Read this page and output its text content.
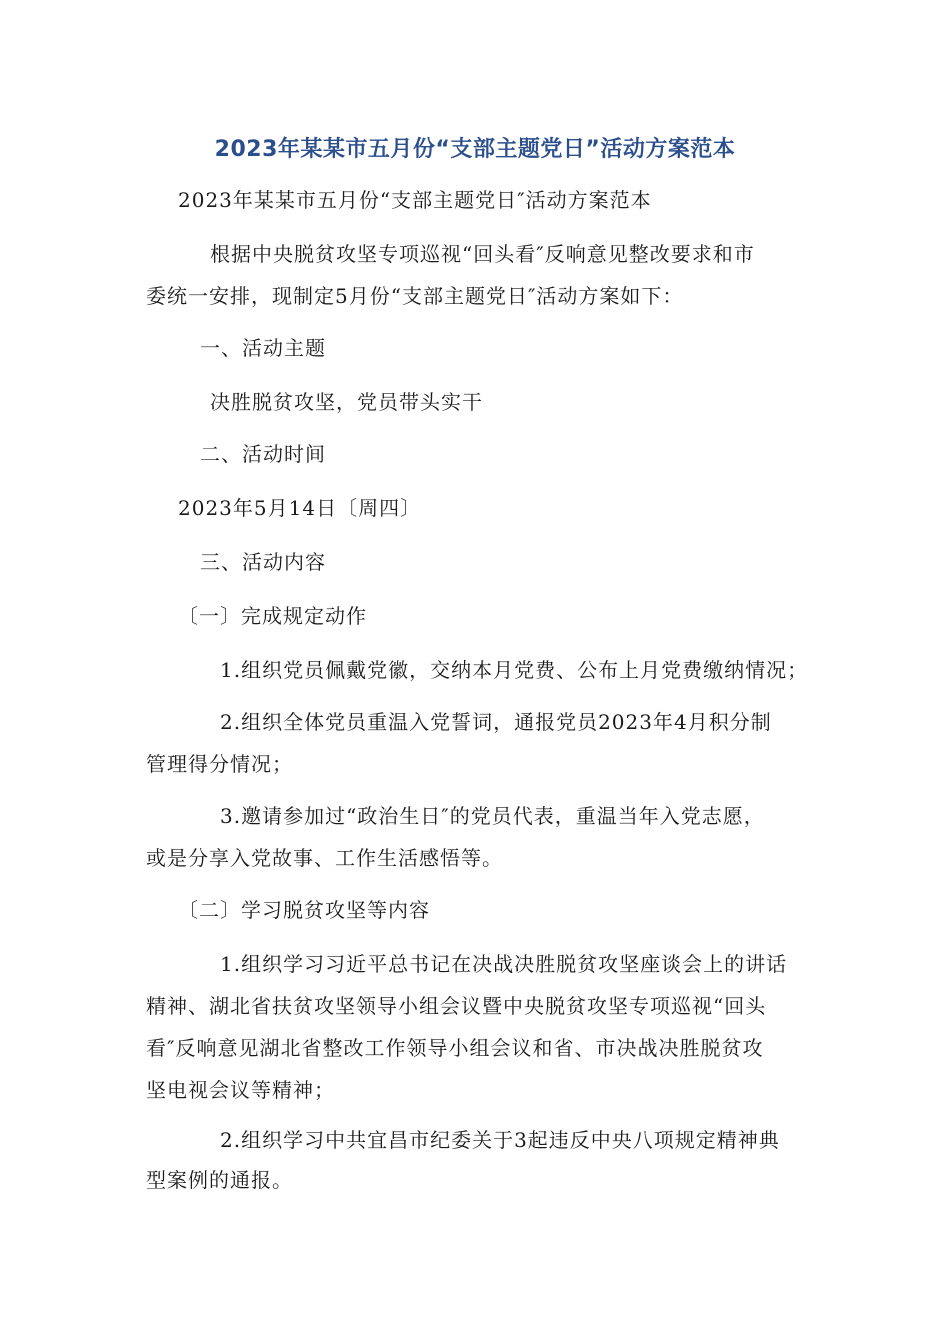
2023年某某市五月份“支部主题党日”活动方案范本
2023年某某市五月份“支部主题党日″活动方案范本
根据中央脱贫攻坚专项巡视“回头看″反响意见整改要求和市
委统一安排，现制定5月份“支部主题党日″活动方案如下：
一、活动主题
决胜脱贫攻坚，党员带头实干
二、活动时间
2023年5月14日〔周四〕
三、活动内容
〔一〕完成规定动作
1.组织党员佩戴党徽，交纳本月党费、公布上月党费缴纳情况；
2.组织全体党员重温入党誓词，通报党员2023年4月积分制
管理得分情况；
3.邀请参加过“政治生日″的党员代表，重温当年入党志愿，
或是分享入党故事、工作生活感悟等。
〔二〕学习脱贫攻坚等内容
1.组织学习习近平总书记在决战决胜脱贫攻坚座谈会上的讲话
精神、湖北省扶贫攻坚领导小组会议暨中央脱贫攻坚专项巡视“回头
看″反响意见湖北省整改工作领导小组会议和省、市决战决胜脱贫攻
坚电视会议等精神；
2.组织学习中共宜昌市纪委关于3起违反中央八项规定精神典
型案例的通报。
